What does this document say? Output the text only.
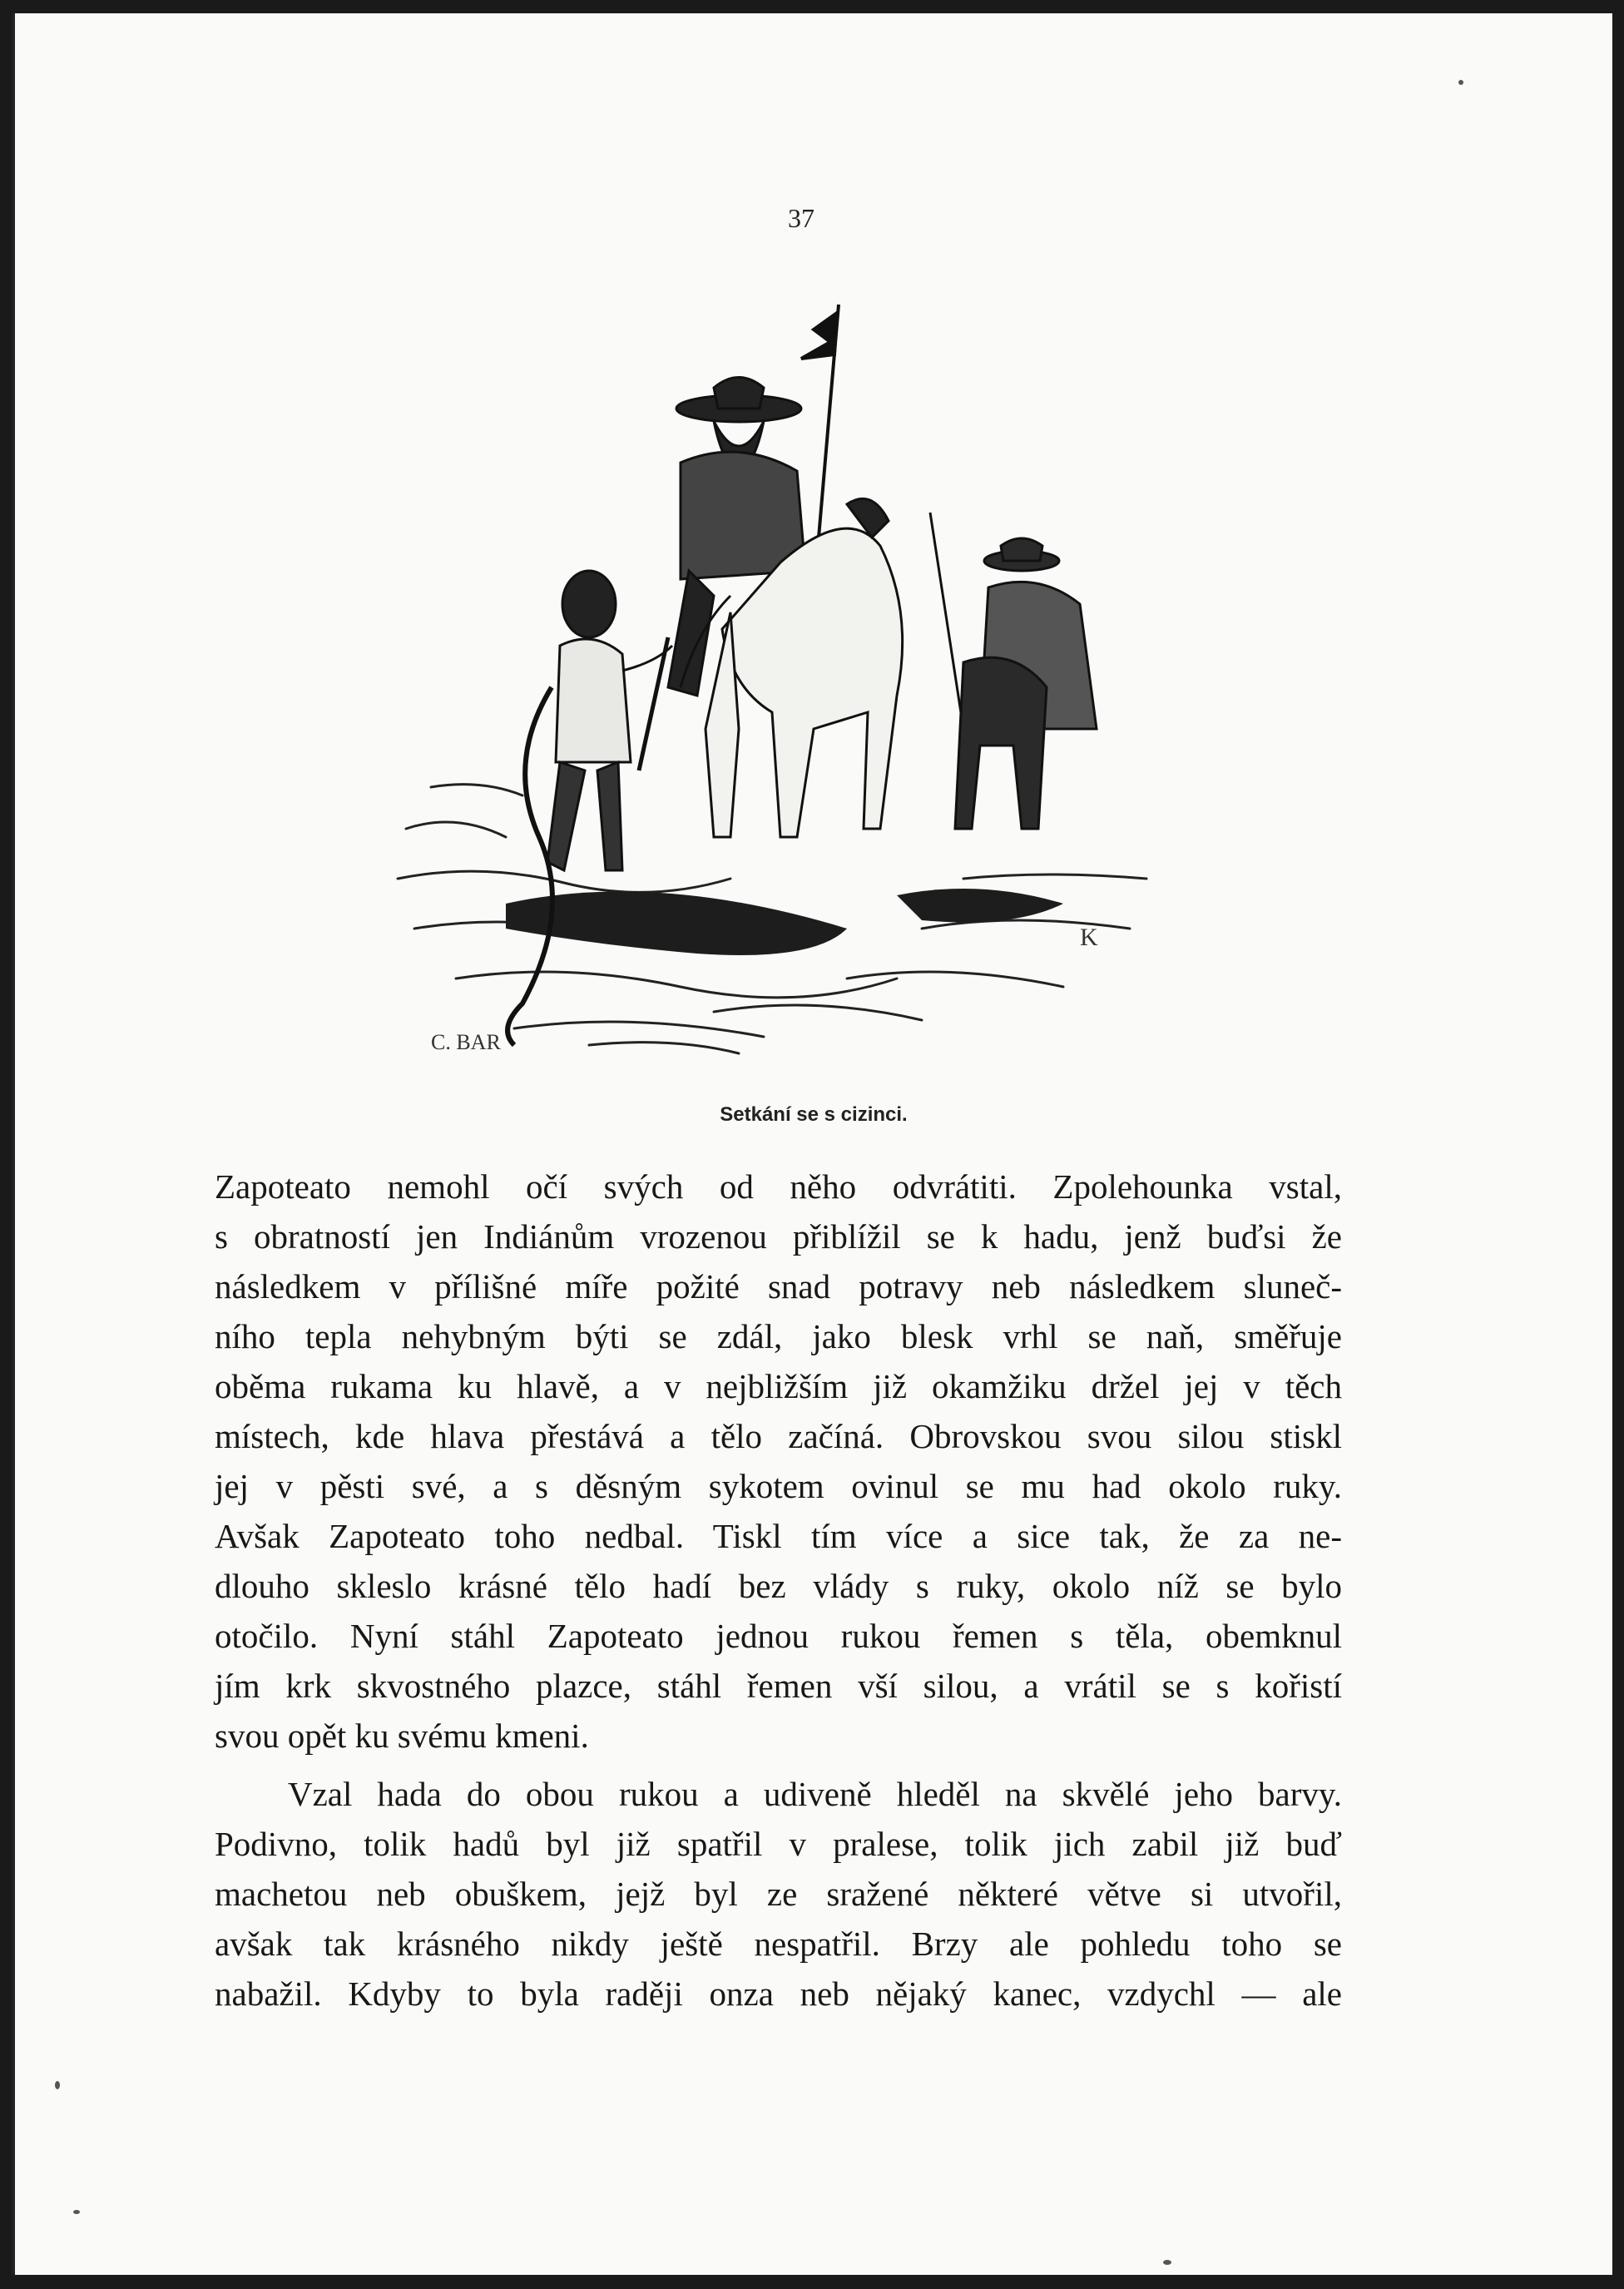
37
C. BAR
K
Setkání se s cizinci.

Zapoteato nemohl očí svých od něho odvrátiti. Zpolehounka vstal,
s obratností jen Indiánům vrozenou přiblížil se k hadu, jenž buďsi že
následkem v přílišné míře požité snad potravy neb následkem sluneč-
ního tepla nehybným býti se zdál, jako blesk vrhl se naň, směřuje
oběma rukama ku hlavě, a v nejbližším již okamžiku držel jej v těch
místech, kde hlava přestává a tělo začíná. Obrovskou svou silou stiskl
jej v pěsti své, a s děsným sykotem ovinul se mu had okolo ruky.
Avšak Zapoteato toho nedbal. Tiskl tím více a sice tak, že za ne-
dlouho skleslo krásné tělo hadí bez vlády s ruky, okolo níž se bylo
otočilo. Nyní stáhl Zapoteato jednou rukou řemen s těla, obemknul
jím krk skvostného plazce, stáhl řemen vší silou, a vrátil se s kořistí
svou opět ku svému kmeni.

Vzal hada do obou rukou a udiveně hleděl na skvělé jeho barvy.
Podivno, tolik hadů byl již spatřil v pralese, tolik jich zabil již buď
machetou neb obuškem, jejž byl ze sražené některé větve si utvořil,
avšak tak krásného nikdy ještě nespatřil. Brzy ale pohledu toho se
nabažil. Kdyby to byla raději onza neb nějaký kanec, vzdychl — ale
